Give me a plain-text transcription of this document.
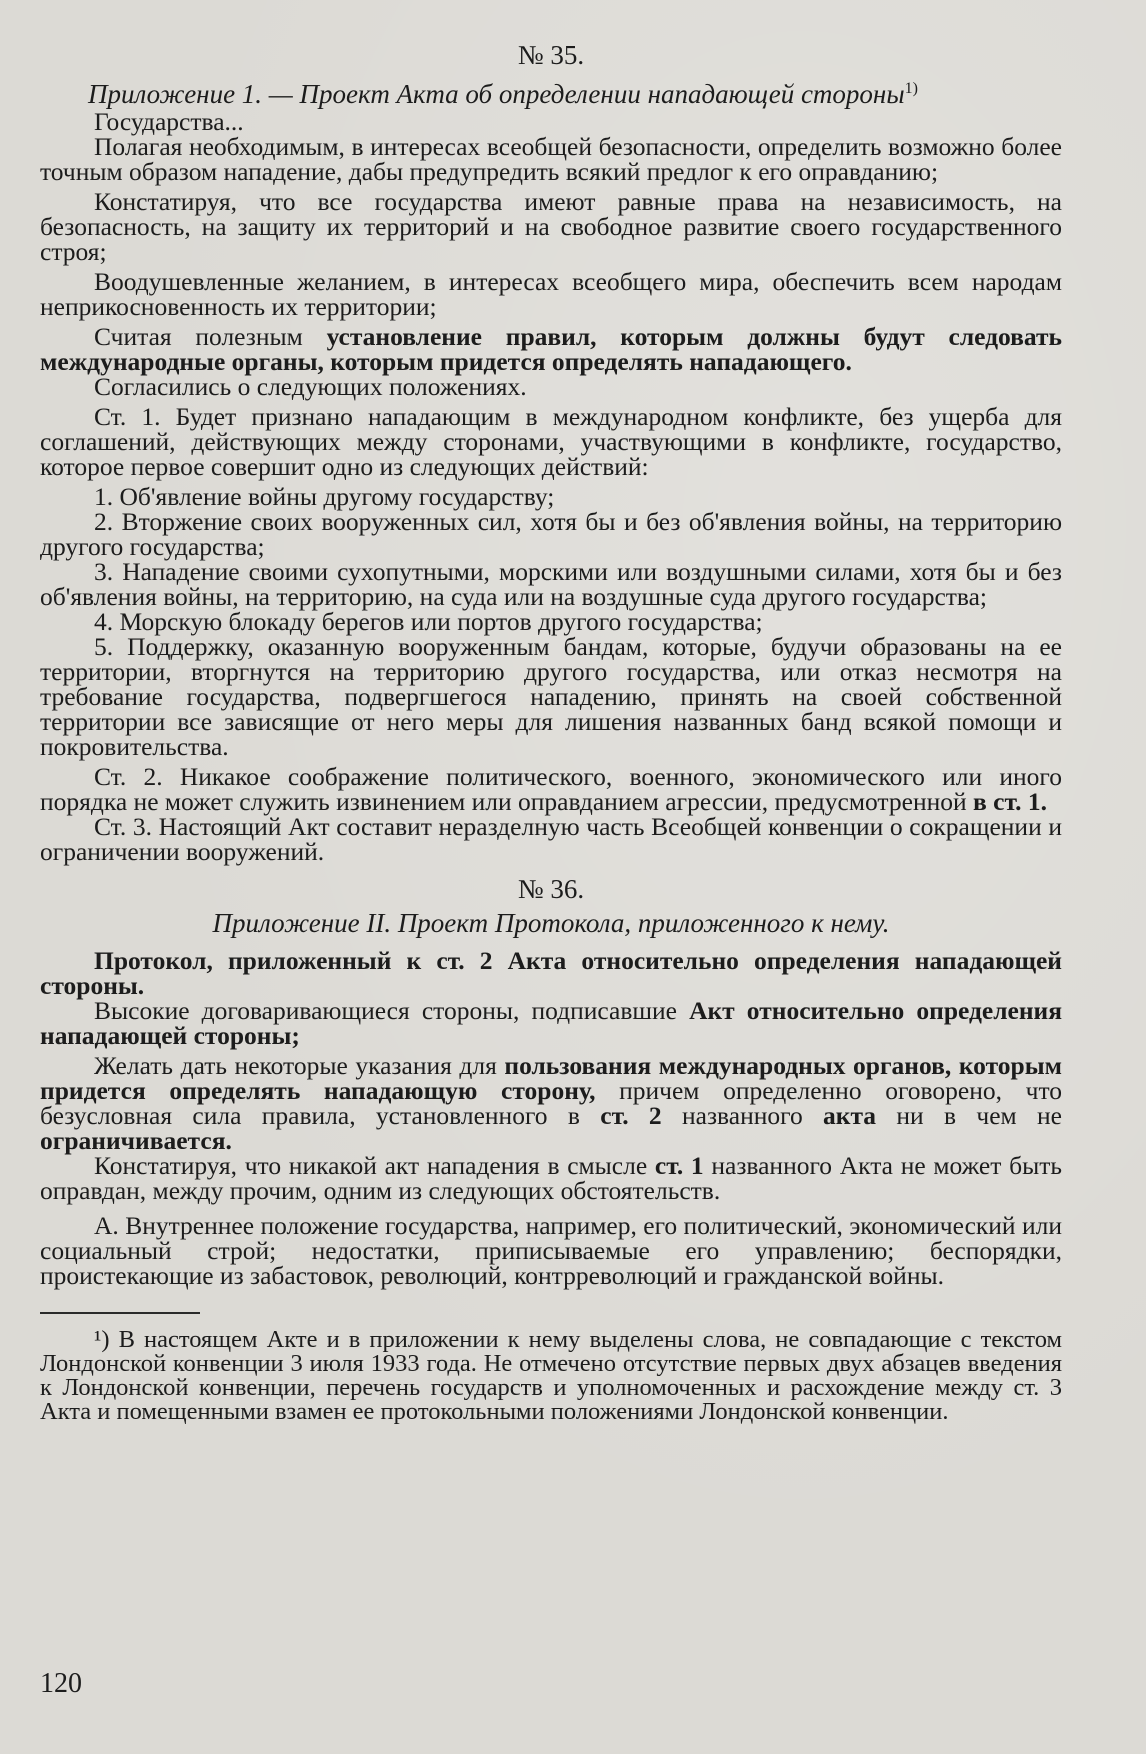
№ 35.

Приложение 1. — Проект Акта об определении нападающей стороны$^{1)}$

Государства...

Полагая необходимым, в интересах всеобщей безопасности, определить возможно более точным образом нападение, дабы предупредить всякий предлог к его оправданию;

Констатируя, что все государства имеют равные права на независимость, на безопасность, на защиту их территорий и на свободное развитие своего государственного строя;

Воодушевленные желанием, в интересах всеобщего мира, обеспечить всем народам неприкосновенность их территории;

Считая полезным установление правил, которым должны будут следовать международные органы, которым придется определять нападающего.

Согласились о следующих положениях.

Ст. 1. Будет признано нападающим в международном конфликте, без ущерба для соглашений, действующих между сторонами, участвующими в конфликте, государство, которое первое совершит одно из следующих действий:

1. Об'явление войны другому государству;

2. Вторжение своих вооруженных сил, хотя бы и без об'явления войны, на территорию другого государства;

3. Нападение своими сухопутными, морскими или воздушными силами, хотя бы и без об'явления войны, на территорию, на суда или на воздушные суда другого государства;

4. Морскую блокаду берегов или портов другого государства;

5. Поддержку, оказанную вооруженным бандам, которые, будучи образованы на ее территории, вторгнутся на территорию другого государства, или отказ несмотря на требование государства, подвергшегося нападению, принять на своей собственной территории все зависящие от него меры для лишения названных банд всякой помощи и покровительства.

Ст. 2. Никакое соображение политического, военного, экономического или иного порядка не может служить извинением или оправданием агрессии, предусмотренной в ст. 1.

Ст. 3. Настоящий Акт составит неразделную часть Всеобщей конвенции о сокращении и ограничении вооружений.

№ 36.

Приложение II. Проект Протокола, приложенного к нему.

Протокол, приложенный к ст. 2 Акта относительно определения нападающей стороны.

Высокие договаривающиеся стороны, подписавшие Акт относительно определения нападающей стороны;

Желать дать некоторые указания для пользования международных органов, которым придется определять нападающую сторону, причем определенно оговорено, что безусловная сила правила, установленного в ст. 2 названного акта ни в чем не ограничивается.

Констатируя, что никакой акт нападения в смысле ст. 1 названного Акта не может быть оправдан, между прочим, одним из следующих обстоятельств.

А. Внутреннее положение государства, например, его политический, экономический или социальный строй; недостатки, приписываемые его управлению; беспорядки, проистекающие из забастовок, революций, контрреволюций и гражданской войны.

¹) В настоящем Акте и в приложении к нему выделены слова, не совпадающие с текстом Лондонской конвенции 3 июля 1933 года. Не отмечено отсутствие первых двух абзацев введения к Лондонской конвенции, перечень государств и уполномоченных и расхождение между ст. 3 Акта и помещенными взамен ее протокольными положениями Лондонской конвенции.

120
